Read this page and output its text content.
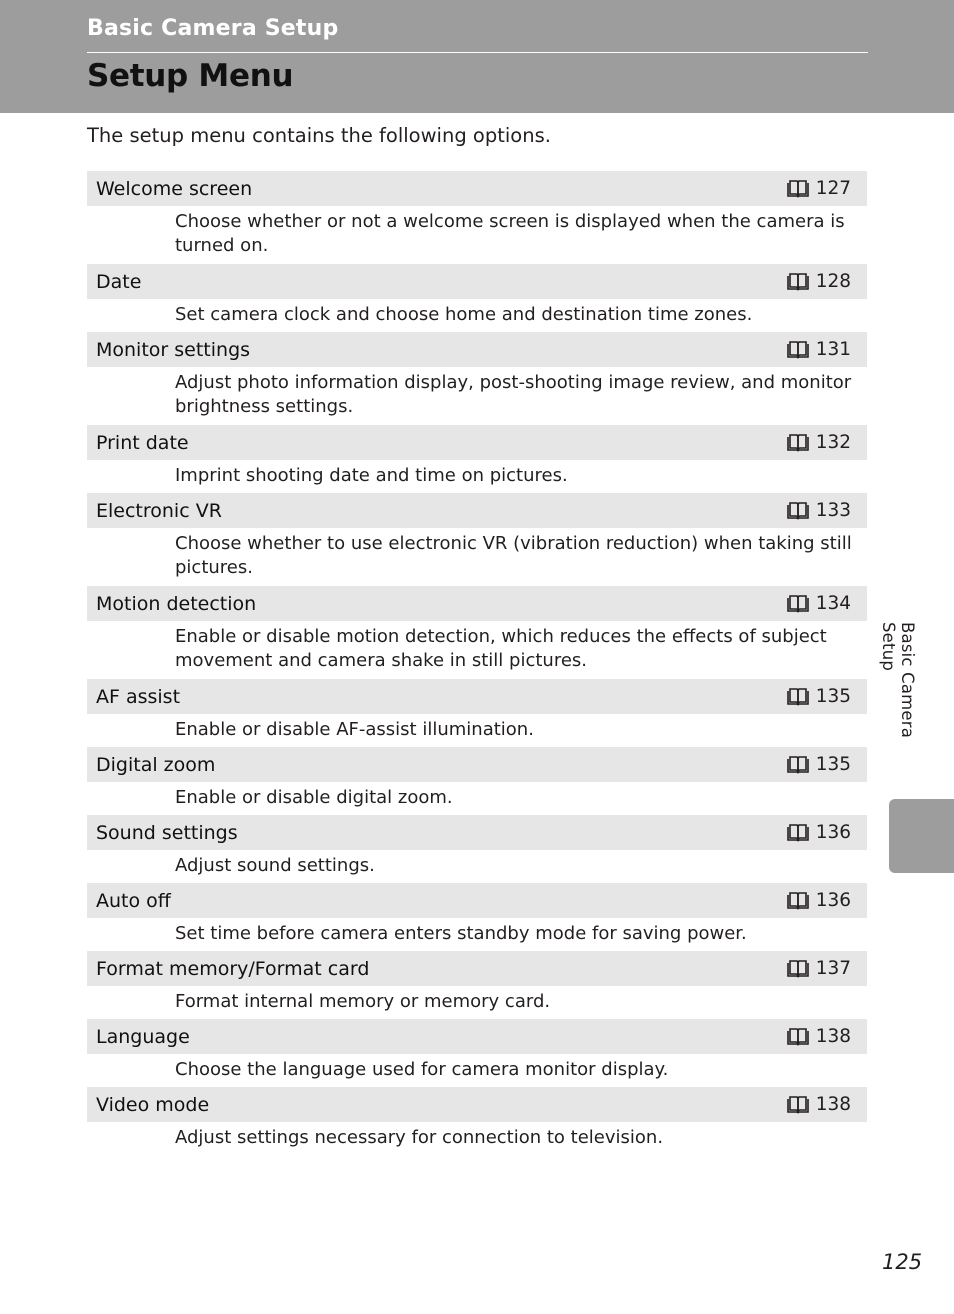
Basic Camera Setup
Setup Menu
The setup menu contains the following options.
Welcome screen	127
Choose whether or not a welcome screen is displayed when the camera is turned on.
Date	128
Set camera clock and choose home and destination time zones.
Monitor settings	131
Adjust photo information display, post-shooting image review, and monitor brightness settings.
Print date	132
Imprint shooting date and time on pictures.
Electronic VR	133
Choose whether to use electronic VR (vibration reduction) when taking still pictures.
Motion detection	134
Enable or disable motion detection, which reduces the effects of subject movement and camera shake in still pictures.
AF assist	135
Enable or disable AF-assist illumination.
Digital zoom	135
Enable or disable digital zoom.
Sound settings	136
Adjust sound settings.
Auto off	136
Set time before camera enters standby mode for saving power.
Format memory/Format card	137
Format internal memory or memory card.
Language	138
Choose the language used for camera monitor display.
Video mode	138
Adjust settings necessary for connection to television.
Basic Camera Setup
125
